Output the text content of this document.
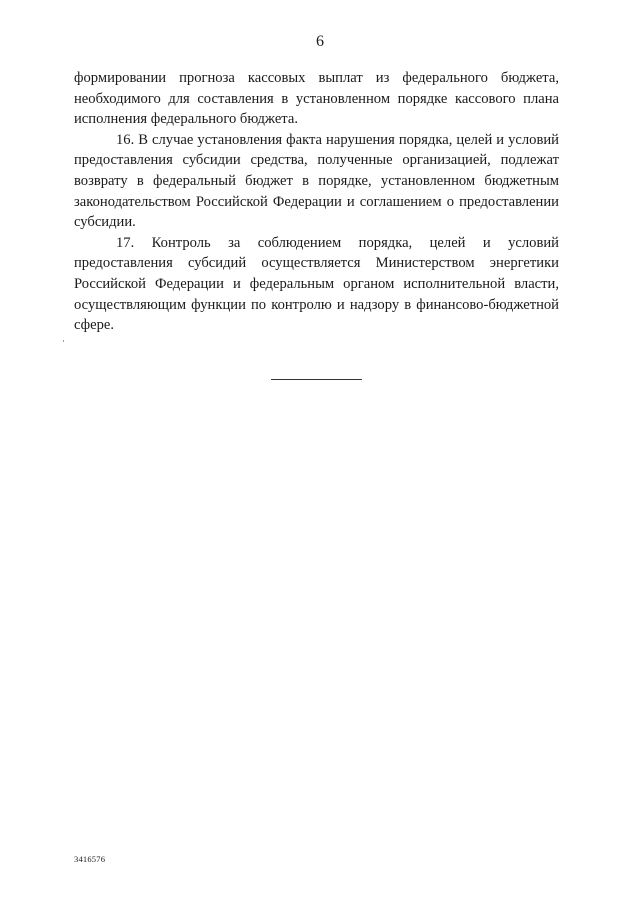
6

формировании прогноза кассовых выплат из федерального бюджета, необходимого для составления в установленном порядке кассового плана исполнения федерального бюджета.

16. В случае установления факта нарушения порядка, целей и условий предоставления субсидии средства, полученные организацией, подлежат возврату в федеральный бюджет в порядке, установленном бюджетным законодательством Российской Федерации и соглашением о предоставлении субсидии.

17. Контроль за соблюдением порядка, целей и условий предоставления субсидий осуществляется Министерством энергетики Российской Федерации и федеральным органом исполнительной власти, осуществляющим функции по контролю и надзору в финансово-бюджетной сфере.

3416576
